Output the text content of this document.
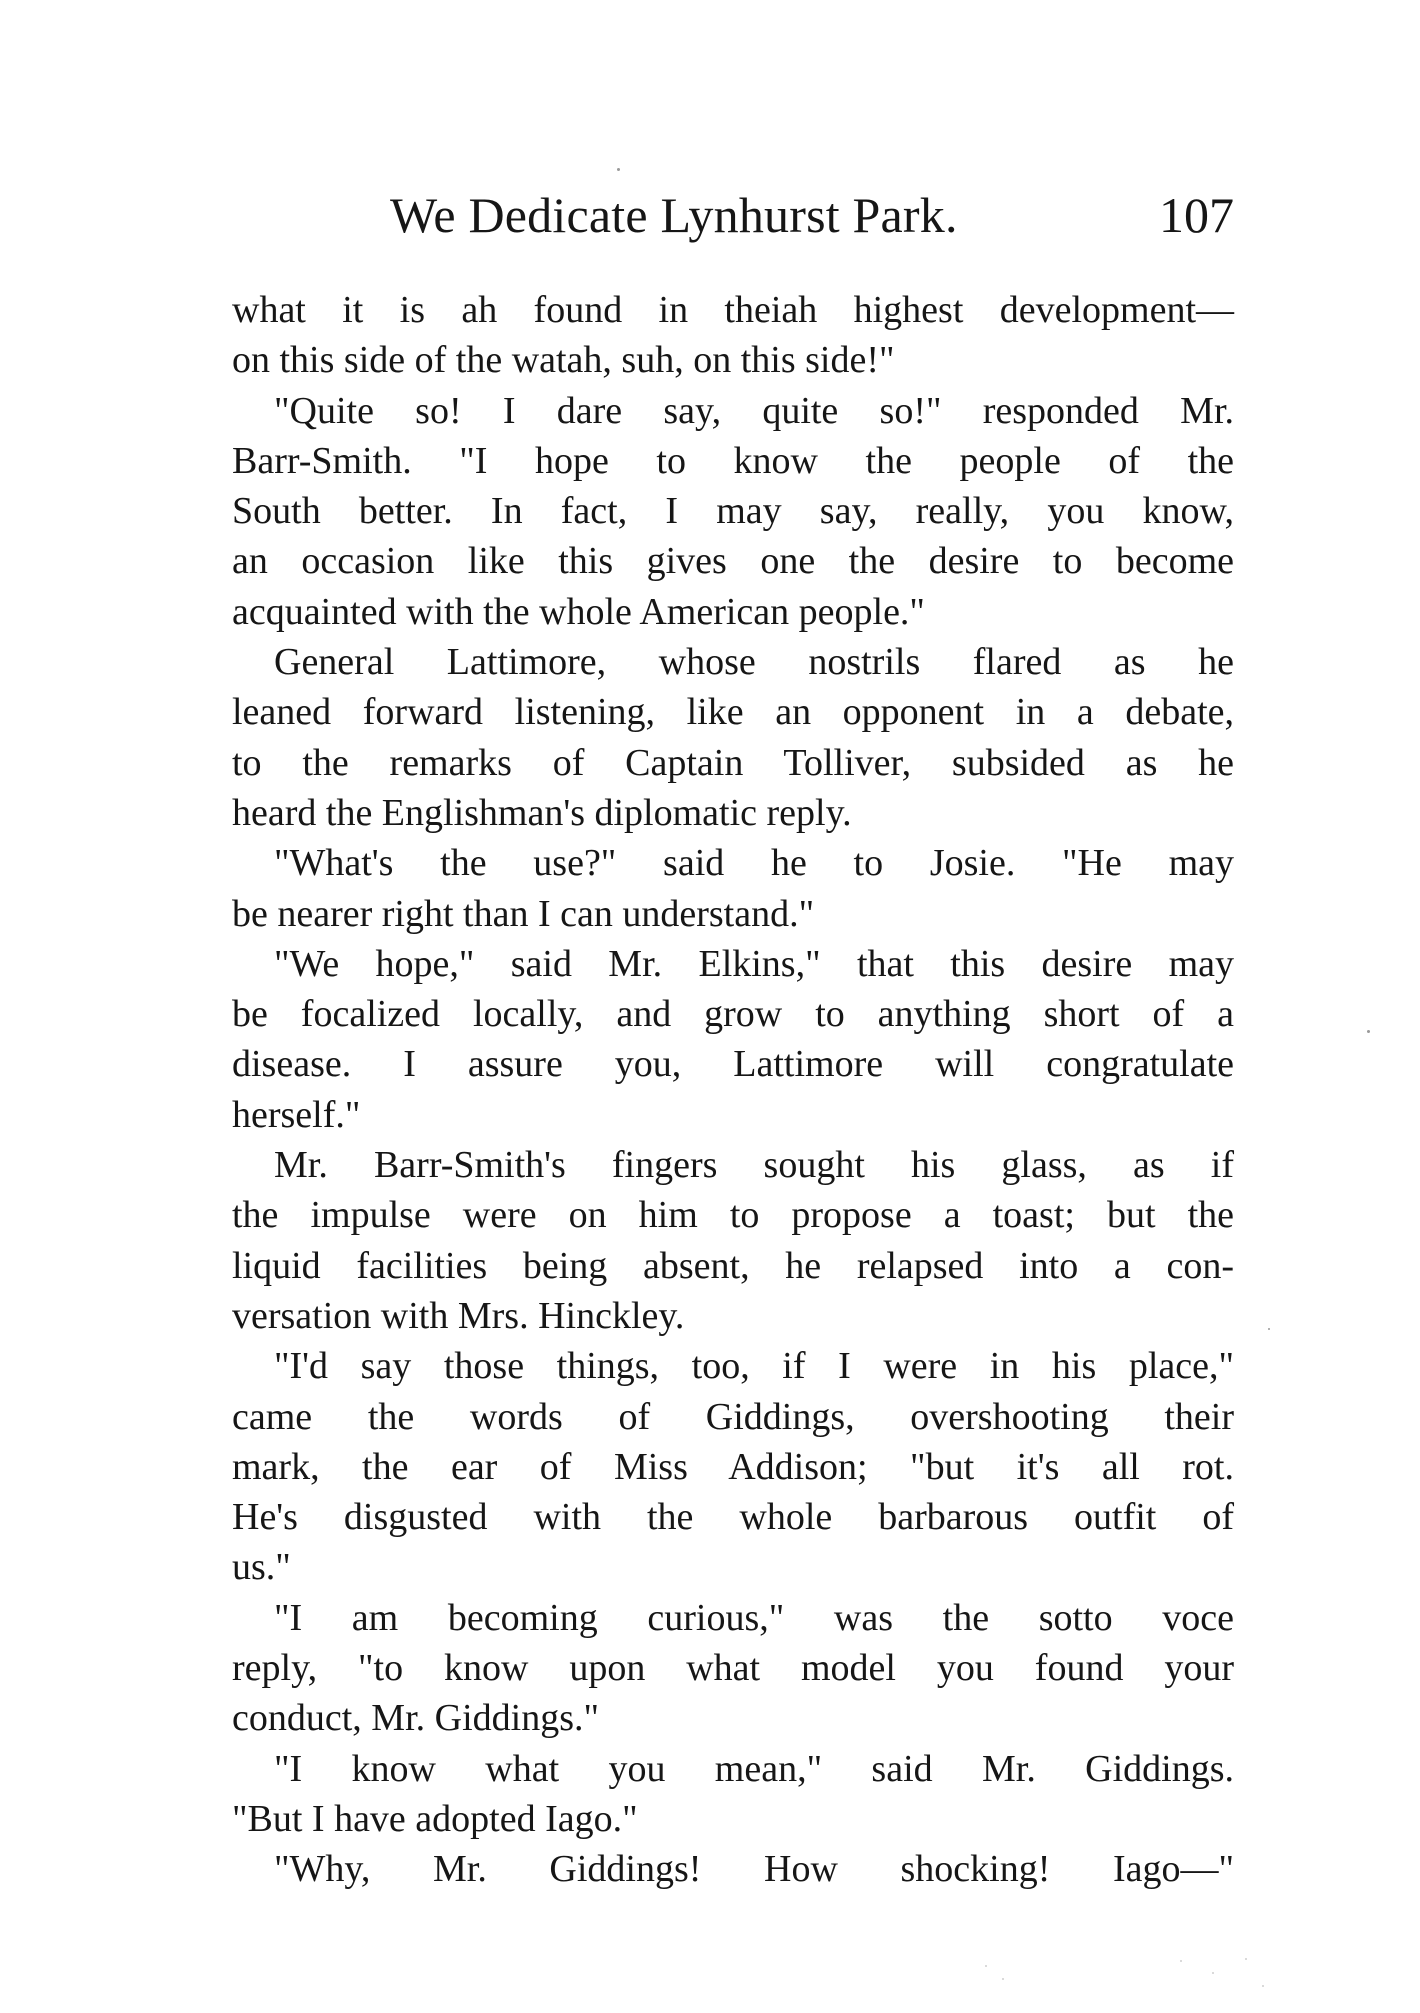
We Dedicate Lynhurst Park.	107
what it is ah found in theiah highest development—
on this side of the watah, suh, on this side!"
"Quite so! I dare say, quite so!" responded Mr.
Barr-Smith. "I hope to know the people of the
South better. In fact, I may say, really, you know,
an occasion like this gives one the desire to become
acquainted with the whole American people."
General Lattimore, whose nostrils flared as he
leaned forward listening, like an opponent in a debate,
to the remarks of Captain Tolliver, subsided as he
heard the Englishman's diplomatic reply.
"What's the use?" said he to Josie. "He may
be nearer right than I can understand."
"We hope," said Mr. Elkins," that this desire may
be focalized locally, and grow to anything short of a
disease. I assure you, Lattimore will congratulate
herself."
Mr. Barr-Smith's fingers sought his glass, as if
the impulse were on him to propose a toast; but the
liquid facilities being absent, he relapsed into a con-
versation with Mrs. Hinckley.
"I'd say those things, too, if I were in his place,"
came the words of Giddings, overshooting their
mark, the ear of Miss Addison; "but it's all rot.
He's disgusted with the whole barbarous outfit of
us."
"I am becoming curious," was the sotto voce
reply, "to know upon what model you found your
conduct, Mr. Giddings."
"I know what you mean," said Mr. Giddings.
"But I have adopted Iago."
"Why, Mr. Giddings! How shocking! Iago—"
